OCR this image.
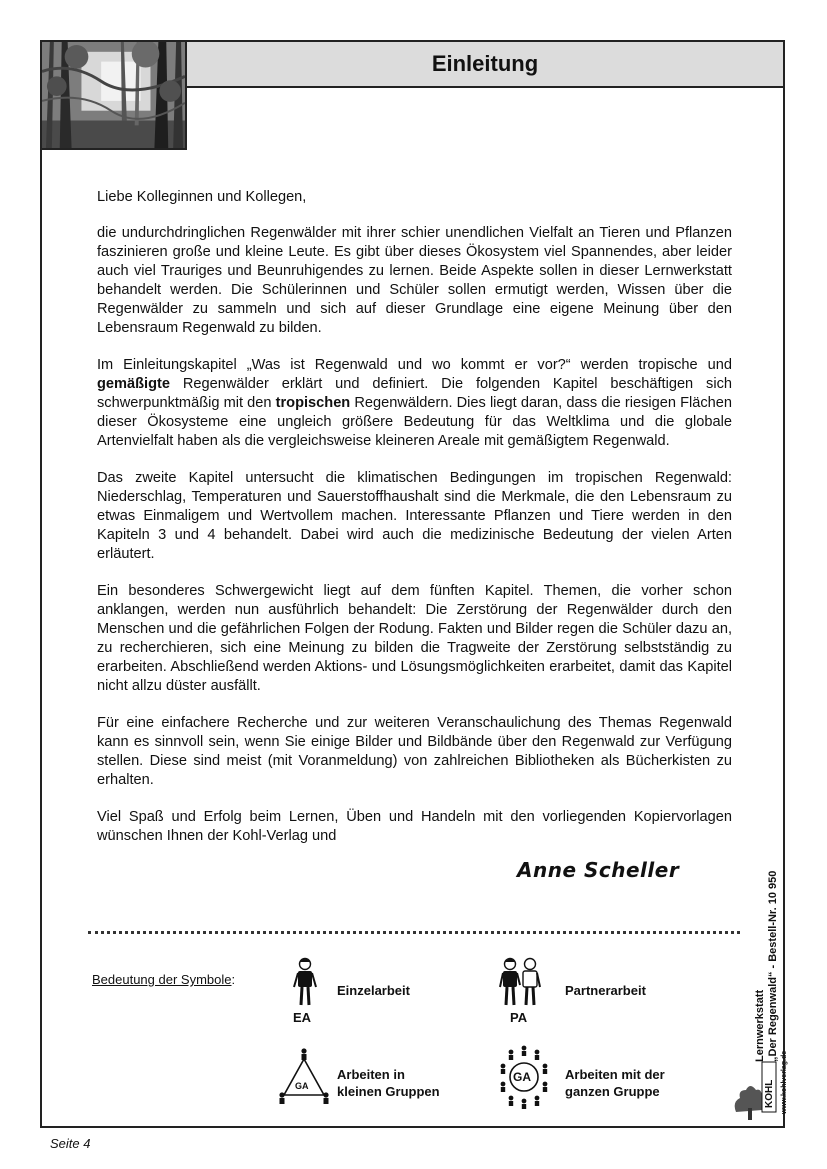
Einleitung

Liebe Kolleginnen und Kollegen,

die undurchdringlichen Regenwälder mit ihrer schier unendlichen Vielfalt an Tieren und Pflanzen faszinieren große und kleine Leute. Es gibt über dieses Ökosystem viel Spannendes, aber leider auch viel Trauriges und Beunruhigendes zu lernen. Beide Aspekte sollen in dieser Lernwerkstatt behandelt werden. Die Schülerinnen und Schüler sollen ermutigt werden, Wissen über die Regenwälder zu sammeln und sich auf dieser Grundlage eine eigene Meinung über den Lebensraum Regenwald zu bilden.

Im Einleitungskapitel „Was ist Regenwald und wo kommt er vor?“ werden tropische und gemäßigte Regenwälder erklärt und definiert. Die folgenden Kapitel beschäftigen sich schwerpunktmäßig mit den tropischen Regenwäldern. Dies liegt daran, dass die riesigen Flächen dieser Ökosysteme eine ungleich größere Bedeutung für das Weltklima und die globale Artenvielfalt haben als die vergleichsweise kleineren Areale mit gemäßigtem Regenwald.

Das zweite Kapitel untersucht die klimatischen Bedingungen im tropischen Regenwald: Niederschlag, Temperaturen und Sauerstoffhaushalt sind die Merkmale, die den Lebensraum zu etwas Einmaligem und Wertvollem machen. Interessante Pflanzen und Tiere werden in den Kapiteln 3 und 4 behandelt. Dabei wird auch die medizinische Bedeutung der vielen Arten erläutert.

Ein besonderes Schwergewicht liegt auf dem fünften Kapitel. Themen, die vorher schon anklangen, werden nun ausführlich behandelt: Die Zerstörung der Regenwälder durch den Menschen und die gefährlichen Folgen der Rodung. Fakten und Bilder regen die Schüler dazu an, zu recherchieren, sich eine Meinung zu bilden die Tragweite der Zerstörung selbstständig zu erarbeiten. Abschließend werden Aktions- und Lösungsmöglichkeiten erarbeitet, damit das Kapitel nicht allzu düster ausfällt.

Für eine einfachere Recherche und zur weiteren Veranschaulichung des Themas Regenwald kann es sinnvoll sein, wenn Sie einige Bilder und Bildbände über den Regenwald zur Verfügung stellen. Diese sind meist (mit Voranmeldung) von zahlreichen Bibliotheken als Bücherkisten zu erhalten.

Viel Spaß und Erfolg beim Lernen, Üben und Handeln mit den vorliegenden Kopiervorlagen wünschen Ihnen der Kohl-Verlag und

Anne Scheller
Bedeutung der Symbole:
EA
Einzelarbeit
PA
Partnerarbeit
GA
Arbeiten in
kleinen Gruppen
GA	Arbeiten mit der
ganzen Gruppe
Lernwerkstatt „Der Regenwald“ - Bestell-Nr. 10 950
KOHL www.kohlverlag.de
Seite 4
